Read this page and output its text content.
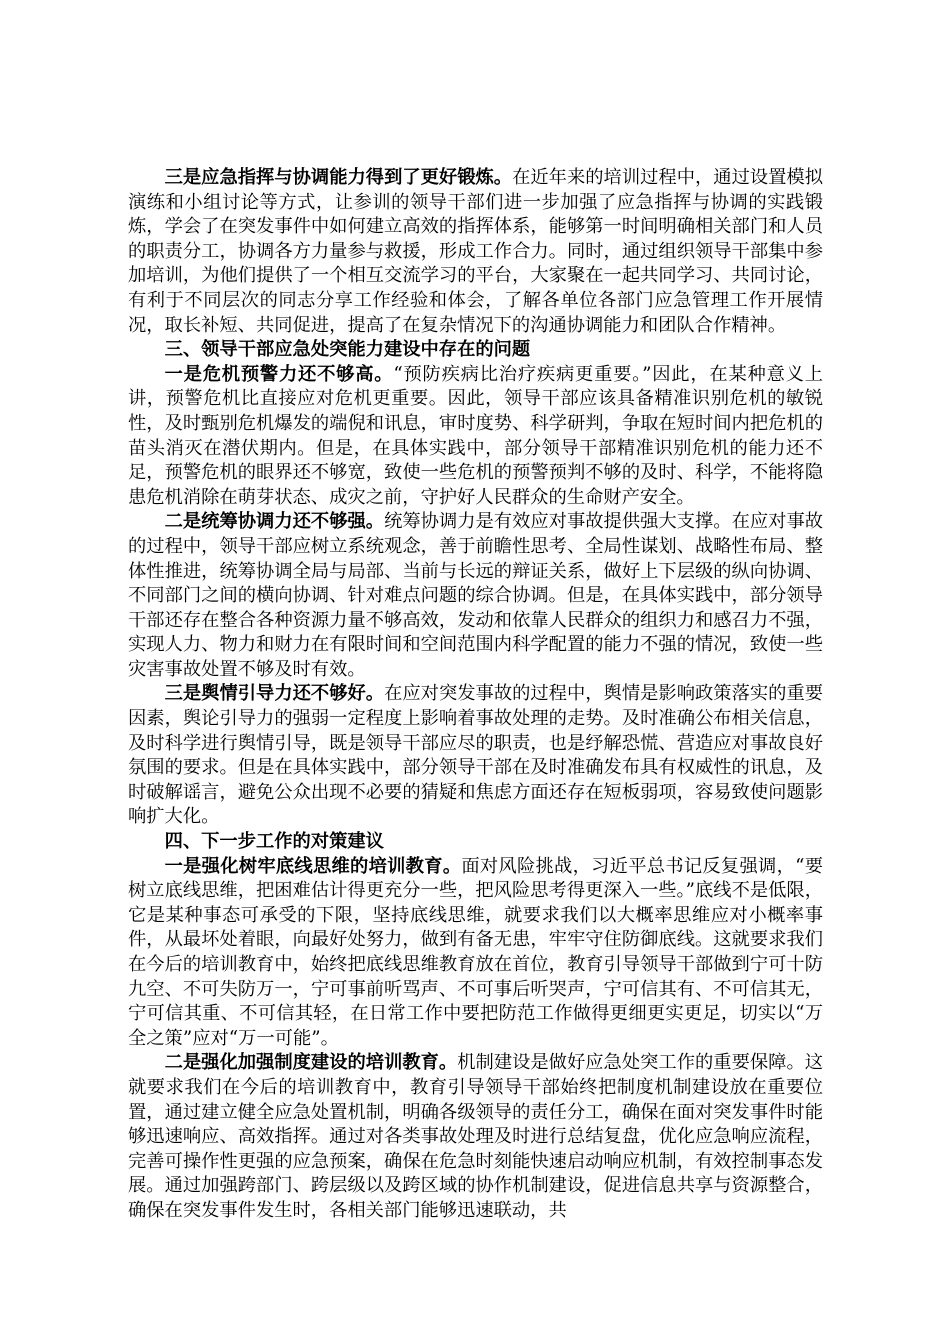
三是应急指挥与协调能力得到了更好锻炼。在近年来的培训过程中，通过设置模拟演练和小组讨论等方式，让参训的领导干部们进一步加强了应急指挥与协调的实践锻炼，学会了在突发事件中如何建立高效的指挥体系，能够第一时间明确相关部门和人员的职责分工，协调各方力量参与救援，形成工作合力。同时，通过组织领导干部集中参加培训，为他们提供了一个相互交流学习的平台，大家聚在一起共同学习、共同讨论，有利于不同层次的同志分享工作经验和体会，了解各单位各部门应急管理工作开展情况，取长补短、共同促进，提高了在复杂情况下的沟通协调能力和团队合作精神。

三、领导干部应急处突能力建设中存在的问题

一是危机预警力还不够高。“预防疾病比治疗疾病更重要。”因此，在某种意义上讲，预警危机比直接应对危机更重要。因此，领导干部应该具备精准识别危机的敏锐性，及时甄别危机爆发的端倪和讯息，审时度势、科学研判，争取在短时间内把危机的苗头消灭在潜伏期内。但是，在具体实践中，部分领导干部精准识别危机的能力还不足，预警危机的眼界还不够宽，致使一些危机的预警预判不够的及时、科学，不能将隐患危机消除在萌芽状态、成灾之前，守护好人民群众的生命财产安全。

二是统筹协调力还不够强。统筹协调力是有效应对事故提供强大支撑。在应对事故的过程中，领导干部应树立系统观念，善于前瞻性思考、全局性谋划、战略性布局、整体性推进，统筹协调全局与局部、当前与长远的辩证关系，做好上下层级的纵向协调、不同部门之间的横向协调、针对难点问题的综合协调。但是，在具体实践中，部分领导干部还存在整合各种资源力量不够高效，发动和依靠人民群众的组织力和感召力不强，实现人力、物力和财力在有限时间和空间范围内科学配置的能力不强的情况，致使一些灾害事故处置不够及时有效。

三是舆情引导力还不够好。在应对突发事故的过程中，舆情是影响政策落实的重要因素，舆论引导力的强弱一定程度上影响着事故处理的走势。及时准确公布相关信息，及时科学进行舆情引导，既是领导干部应尽的职责，也是纾解恐慌、营造应对事故良好氛围的要求。但是在具体实践中，部分领导干部在及时准确发布具有权威性的讯息，及时破解谣言，避免公众出现不必要的猜疑和焦虑方面还存在短板弱项，容易致使问题影响扩大化。

四、下一步工作的对策建议

一是强化树牢底线思维的培训教育。面对风险挑战，习近平总书记反复强调，“要树立底线思维，把困难估计得更充分一些，把风险思考得更深入一些。”底线不是低限，它是某种事态可承受的下限，坚持底线思维，就要求我们以大概率思维应对小概率事件，从最坏处着眼，向最好处努力，做到有备无患，牢牢守住防御底线。这就要求我们在今后的培训教育中，始终把底线思维教育放在首位，教育引导领导干部做到宁可十防九空、不可失防万一，宁可事前听骂声、不可事后听哭声，宁可信其有、不可信其无，宁可信其重、不可信其轻，在日常工作中要把防范工作做得更细更实更足，切实以“万全之策”应对“万一可能”。

二是强化加强制度建设的培训教育。机制建设是做好应急处突工作的重要保障。这就要求我们在今后的培训教育中，教育引导领导干部始终把制度机制建设放在重要位置，通过建立健全应急处置机制，明确各级领导的责任分工，确保在面对突发事件时能够迅速响应、高效指挥。通过对各类事故处理及时进行总结复盘，优化应急响应流程，完善可操作性更强的应急预案，确保在危急时刻能快速启动响应机制，有效控制事态发展。通过加强跨部门、跨层级以及跨区域的协作机制建设，促进信息共享与资源整合，确保在突发事件发生时，各相关部门能够迅速联动，共
